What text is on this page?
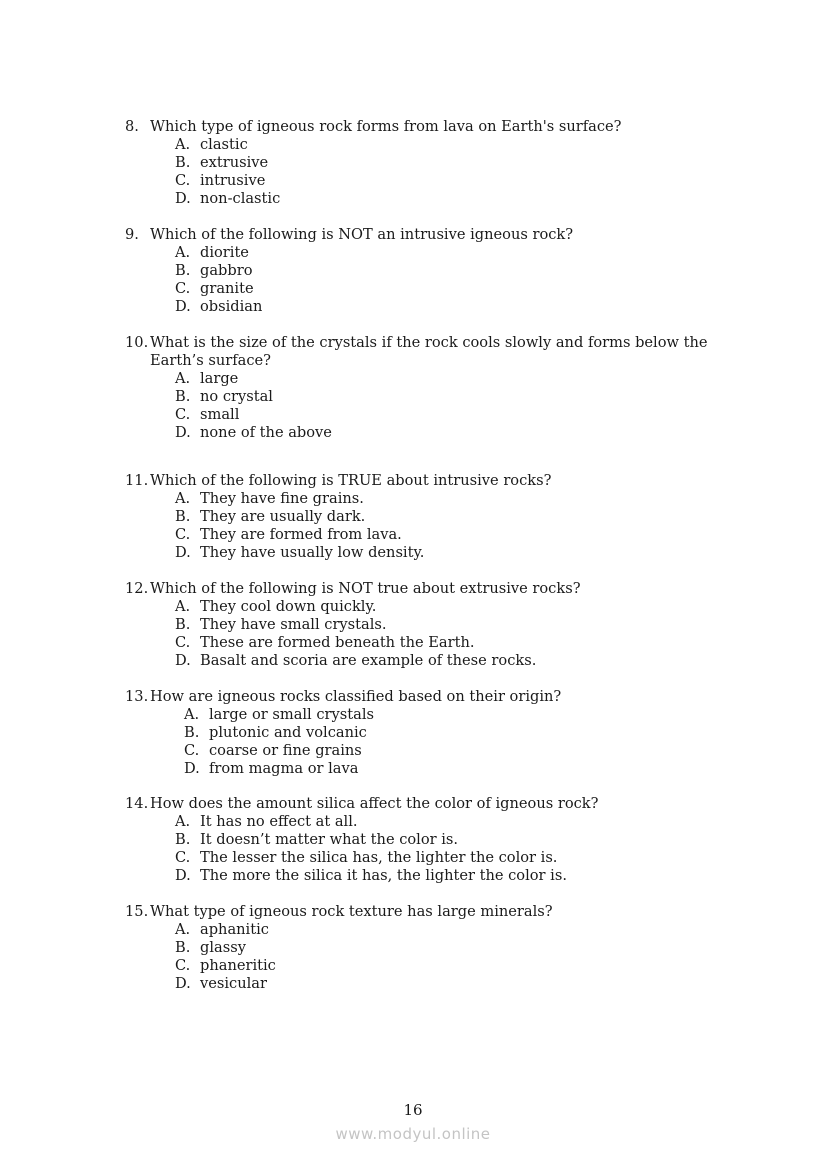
8. Which type of igneous rock forms from lava on Earth's surface?
A. clastic
B. extrusive
C. intrusive
D. non-clastic
9. Which of the following is NOT an intrusive igneous rock?
A. diorite
B. gabbro
C. granite
D. obsidian
10. What is the size of the crystals if the rock cools slowly and forms below the Earth’s surface?
A. large
B. no crystal
C. small
D. none of the above
11. Which of the following is TRUE about intrusive rocks?
A. They have fine grains.
B. They are usually dark.
C. They are formed from lava.
D. They have usually low density.
12. Which of the following is NOT true about extrusive rocks?
A. They cool down quickly.
B. They have small crystals.
C. These are formed beneath the Earth.
D. Basalt and scoria are example of these rocks.
13. How are igneous rocks classified based on their origin?
A. large or small crystals
B. plutonic and volcanic
C. coarse or fine grains
D. from magma or lava
14. How does the amount silica affect the color of igneous rock?
A. It has no effect at all.
B. It doesn’t matter what the color is.
C. The lesser the silica has, the lighter the color is.
D. The more the silica it has, the lighter the color is.
15. What type of igneous rock texture has large minerals?
A. aphanitic
B. glassy
C. phaneritic
D. vesicular
16
www.modyul.online
